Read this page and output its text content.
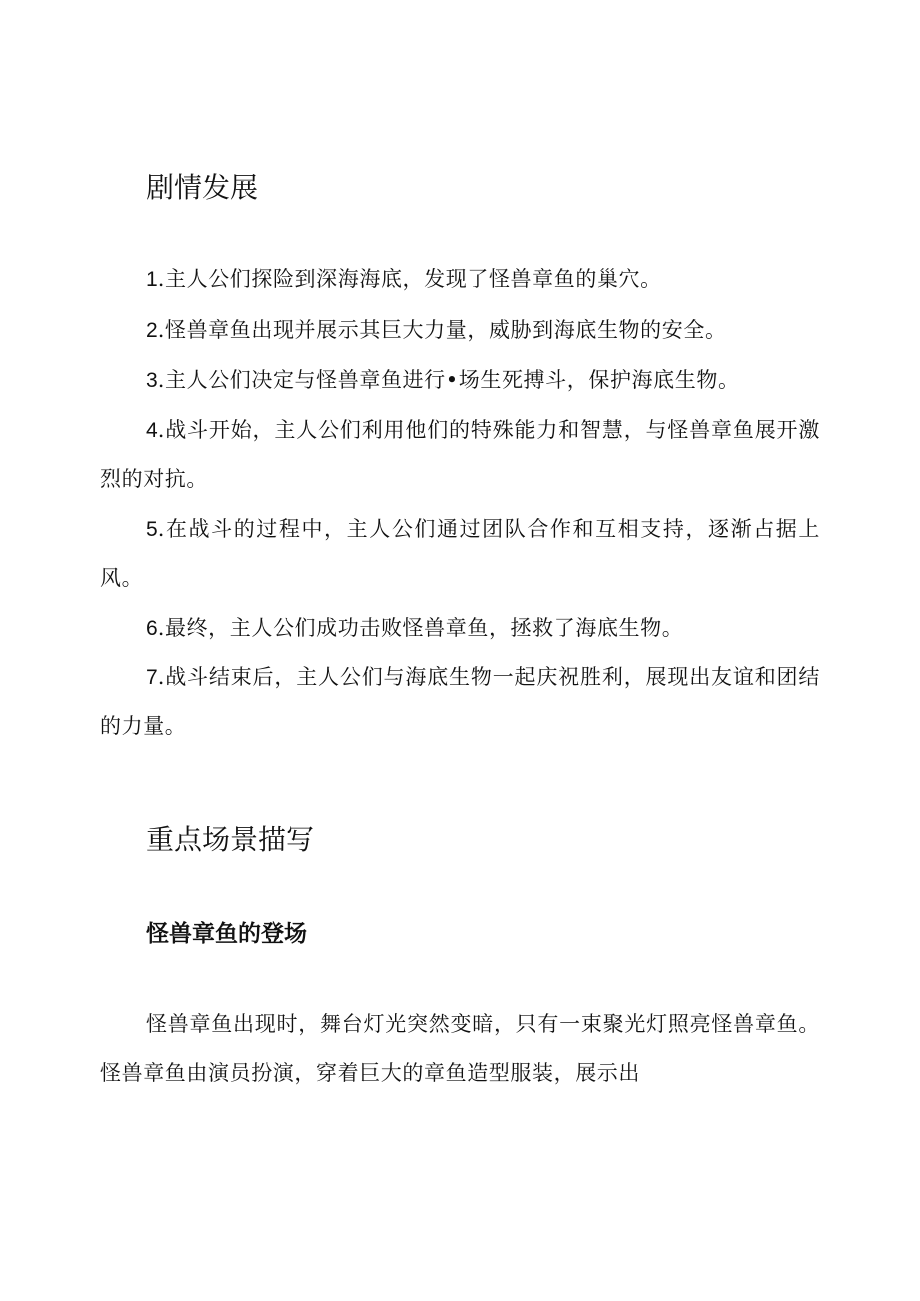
剧情发展

1.主人公们探险到深海海底，发现了怪兽章鱼的巢穴。

2.怪兽章鱼出现并展示其巨大力量，威胁到海底生物的安全。

3.主人公们决定与怪兽章鱼进行•场生死搏斗，保护海底生物。

4.战斗开始，主人公们利用他们的特殊能力和智慧，与怪兽章鱼展开激烈的对抗。

5.在战斗的过程中，主人公们通过团队合作和互相支持，逐渐占据上风。

6.最终，主人公们成功击败怪兽章鱼，拯救了海底生物。

7.战斗结束后，主人公们与海底生物一起庆祝胜利，展现出友谊和团结的力量。

重点场景描写
怪兽章鱼的登场

怪兽章鱼出现时，舞台灯光突然变暗，只有一束聚光灯照亮怪兽章鱼。怪兽章鱼由演员扮演，穿着巨大的章鱼造型服装，展示出
